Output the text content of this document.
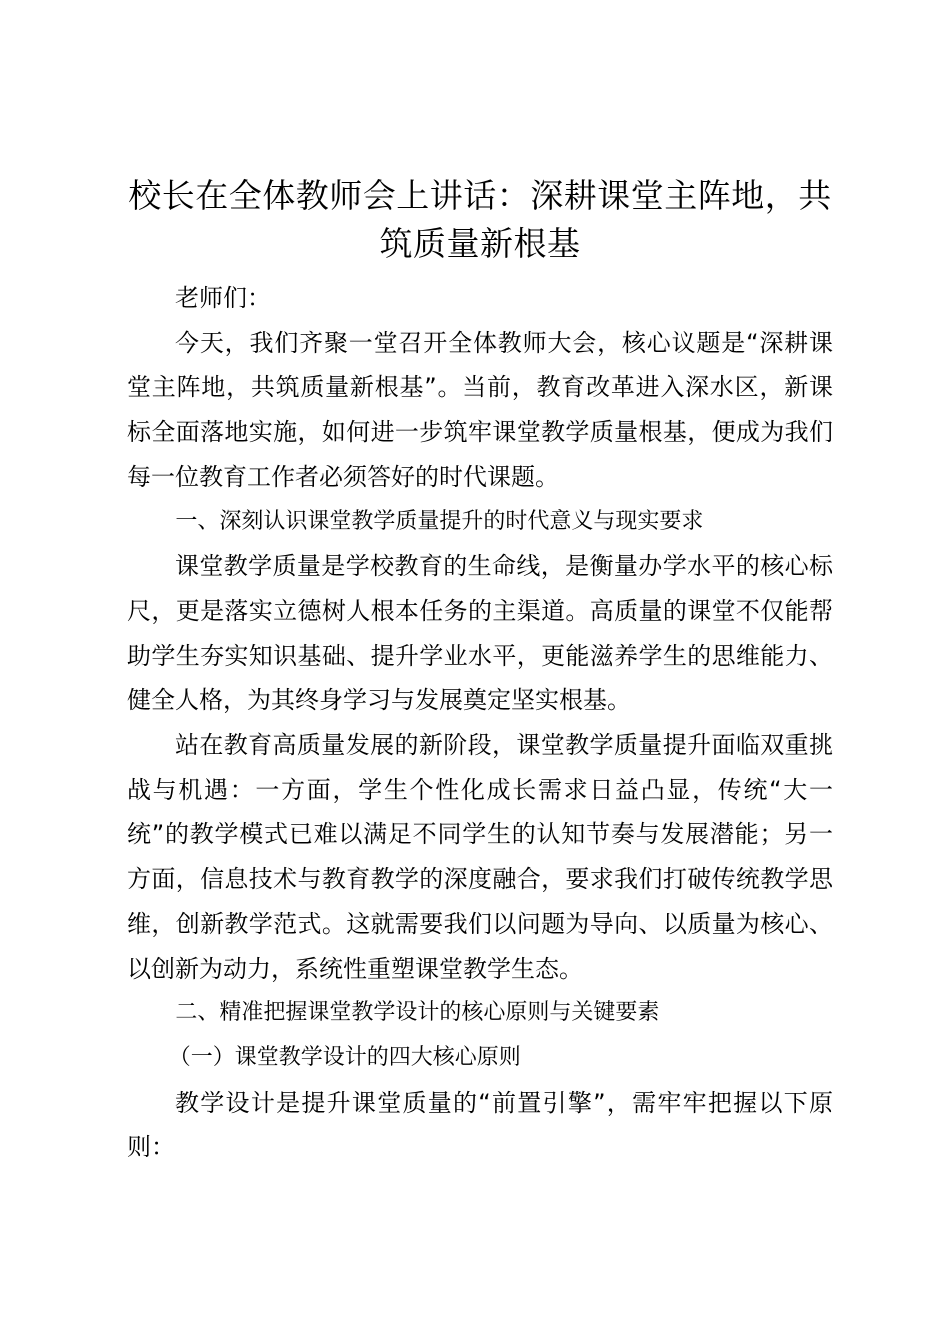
校长在全体教师会上讲话：深耕课堂主阵地，共筑质量新根基

老师们：

今天，我们齐聚一堂召开全体教师大会，核心议题是“深耕课堂主阵地，共筑质量新根基”。当前，教育改革进入深水区，新课标全面落地实施，如何进一步筑牢课堂教学质量根基，便成为我们每一位教育工作者必须答好的时代课题。

一、深刻认识课堂教学质量提升的时代意义与现实要求

课堂教学质量是学校教育的生命线，是衡量办学水平的核心标尺，更是落实立德树人根本任务的主渠道。高质量的课堂不仅能帮助学生夯实知识基础、提升学业水平，更能滋养学生的思维能力、健全人格，为其终身学习与发展奠定坚实根基。

站在教育高质量发展的新阶段，课堂教学质量提升面临双重挑战与机遇：一方面，学生个性化成长需求日益凸显，传统“大一统”的教学模式已难以满足不同学生的认知节奏与发展潜能；另一方面，信息技术与教育教学的深度融合，要求我们打破传统教学思维，创新教学范式。这就需要我们以问题为导向、以质量为核心、以创新为动力，系统性重塑课堂教学生态。

二、精准把握课堂教学设计的核心原则与关键要素

（一）课堂教学设计的四大核心原则

教学设计是提升课堂质量的“前置引擎”，需牢牢把握以下原则：
